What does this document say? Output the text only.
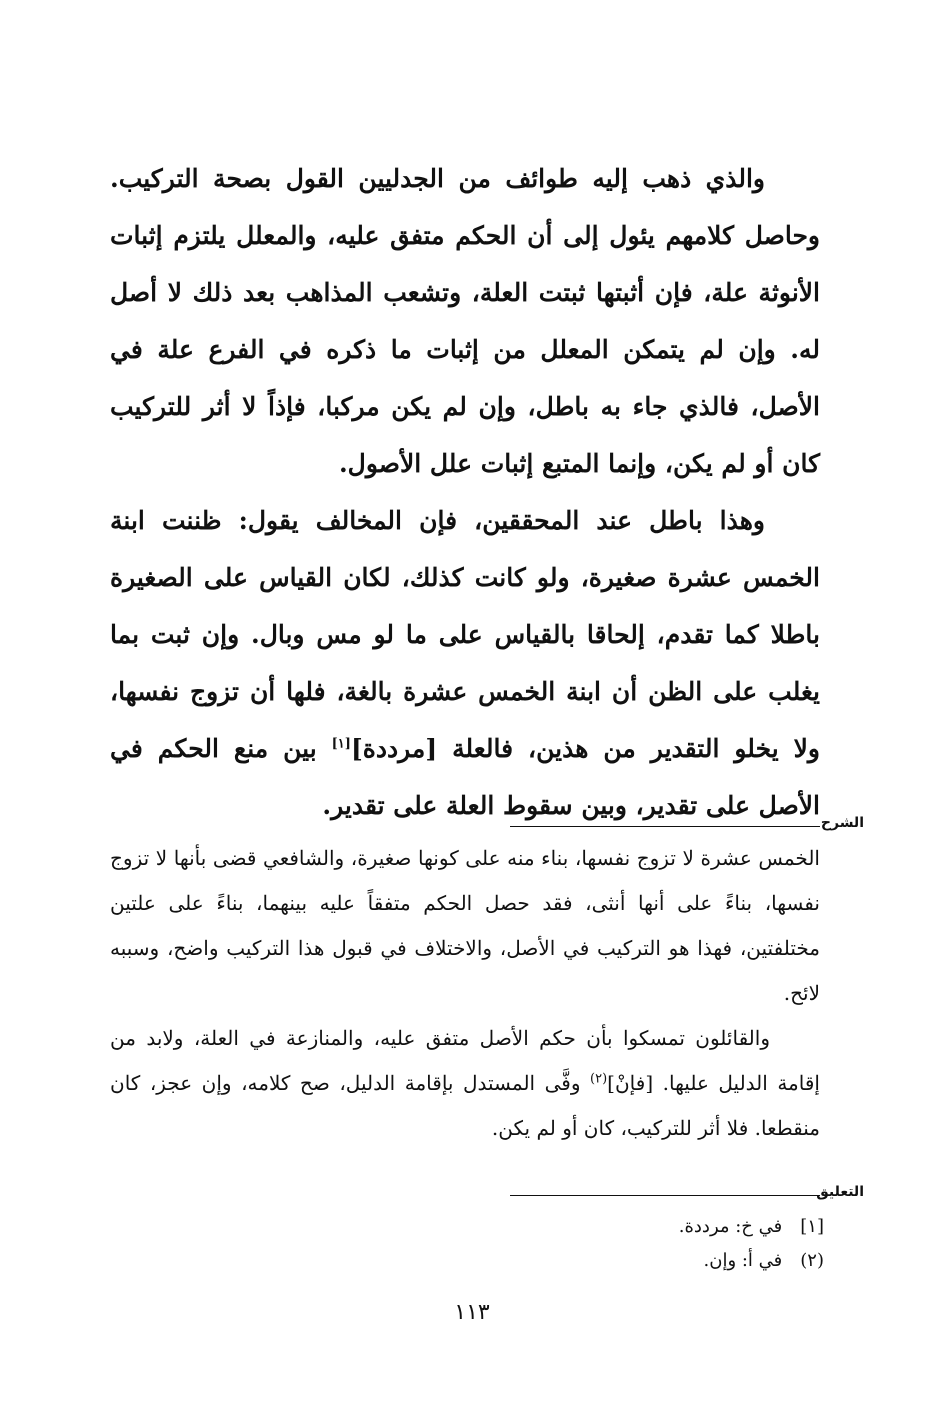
والذي ذهب إليه طوائف من الجدليين القول بصحة التركيب. وحاصل كلامهم يئول إلى أن الحكم متفق عليه، والمعلل يلتزم إثبات الأنوثة علة، فإن أثبتها ثبتت العلة، وتشعب المذاهب بعد ذلك لا أصل له. وإن لم يتمكن المعلل من إثبات ما ذكره في الفرع علة في الأصل، فالذي جاء به باطل، وإن لم يكن مركبا، فإذاً لا أثر للتركيب كان أو لم يكن، وإنما المتبع إثبات علل الأصول.

وهذا باطل عند المحققين، فإن المخالف يقول: ظننت ابنة الخمس عشرة صغيرة، ولو كانت كذلك، لكان القياس على الصغيرة باطلا كما تقدم، إلحاقا بالقياس على ما لو مس وبال. وإن ثبت بما يغلب على الظن أن ابنة الخمس عشرة بالغة، فلها أن تزوج نفسها، ولا يخلو التقدير من هذين، فالعلة [مرددة][١] بين منع الحكم في الأصل على تقدير، وبين سقوط العلة على تقدير.

الشرح

الخمس عشرة لا تزوج نفسها، بناء منه على كونها صغيرة، والشافعي قضى بأنها لا تزوج نفسها، بناءً على أنها أنثى، فقد حصل الحكم متفقاً عليه بينهما، بناءً على علتين مختلفتين، فهذا هو التركيب في الأصل، والاختلاف في قبول هذا التركيب واضح، وسببه لائح.

والقائلون تمسكوا بأن حكم الأصل متفق عليه، والمنازعة في العلة، ولابد من إقامة الدليل عليها. [فإنْ]$^{(٢)}$ وفَّى المستدل بإقامة الدليل، صح كلامه، وإن عجز، كان منقطعا. فلا أثر للتركيب، كان أو لم يكن.

التعليق
[١]
في خ: مرددة.
(٢)
في أ: وإن.
١١٣
